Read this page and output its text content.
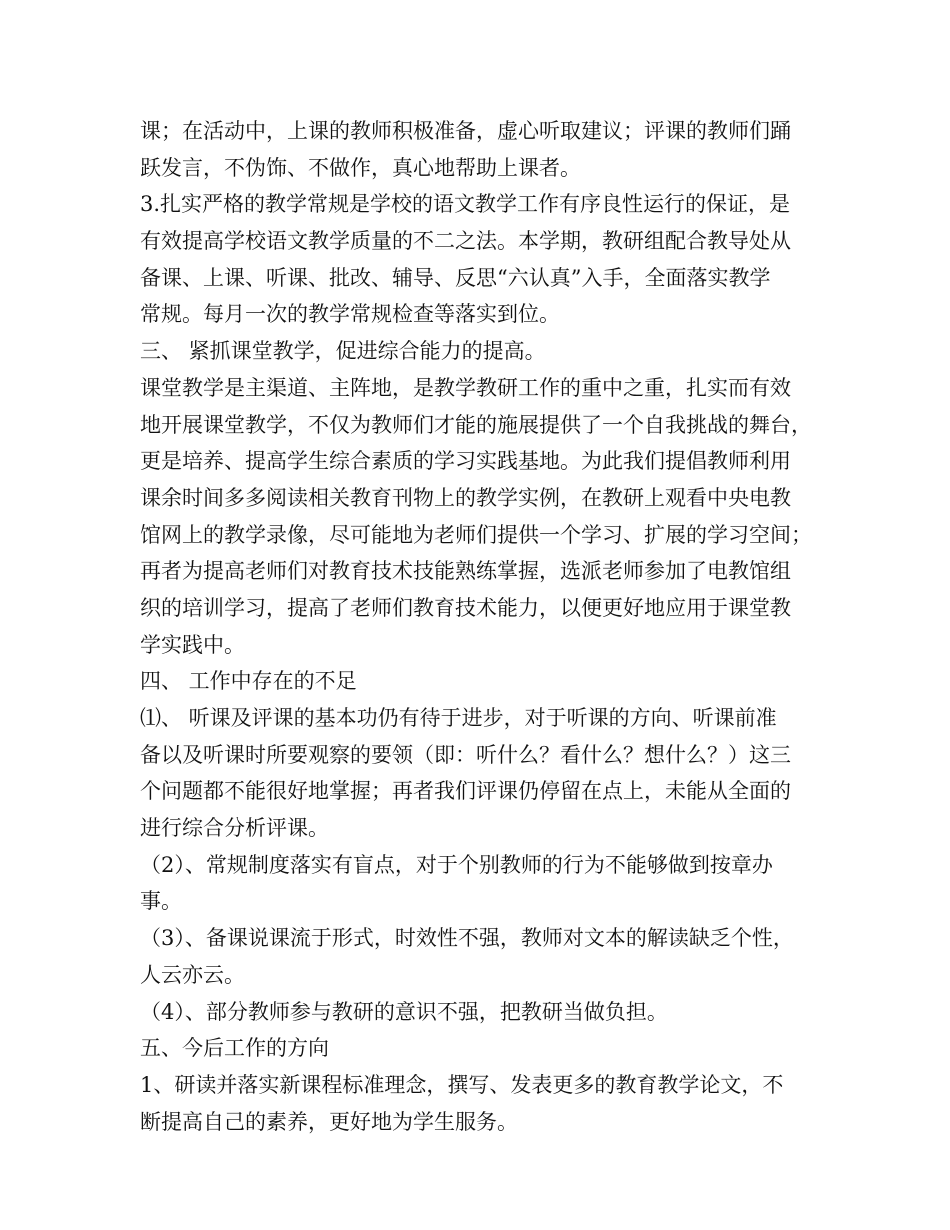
课；在活动中，上课的教师积极准备，虚心听取建议；评课的教师们踊
跃发言，不伪饰、不做作，真心地帮助上课者。
3.扎实严格的教学常规是学校的语文教学工作有序良性运行的保证，是
有效提高学校语文教学质量的不二之法。本学期，教研组配合教导处从
备课、上课、听课、批改、辅导、反思“六认真”入手，全面落实教学
常规。每月一次的教学常规检查等落实到位。
三、 紧抓课堂教学，促进综合能力的提高。
课堂教学是主渠道、主阵地，是教学教研工作的重中之重，扎实而有效
地开展课堂教学，不仅为教师们才能的施展提供了一个自我挑战的舞台，
更是培养、提高学生综合素质的学习实践基地。为此我们提倡教师利用
课余时间多多阅读相关教育刊物上的教学实例，在教研上观看中央电教
馆网上的教学录像，尽可能地为老师们提供一个学习、扩展的学习空间；
再者为提高老师们对教育技术技能熟练掌握，选派老师参加了电教馆组
织的培训学习，提高了老师们教育技术能力，以便更好地应用于课堂教
学实践中。
四、 工作中存在的不足
⑴、 听课及评课的基本功仍有待于进步，对于听课的方向、听课前准
备以及听课时所要观察的要领（即：听什么？看什么？想什么？）这三
个问题都不能很好地掌握；再者我们评课仍停留在点上，未能从全面的
进行综合分析评课。
（2）、常规制度落实有盲点，对于个别教师的行为不能够做到按章办
事。
（3）、备课说课流于形式，时效性不强，教师对文本的解读缺乏个性，
人云亦云。
（4）、部分教师参与教研的意识不强，把教研当做负担。
五、今后工作的方向
1、研读并落实新课程标准理念，撰写、发表更多的教育教学论文，不
断提高自己的素养，更好地为学生服务。
